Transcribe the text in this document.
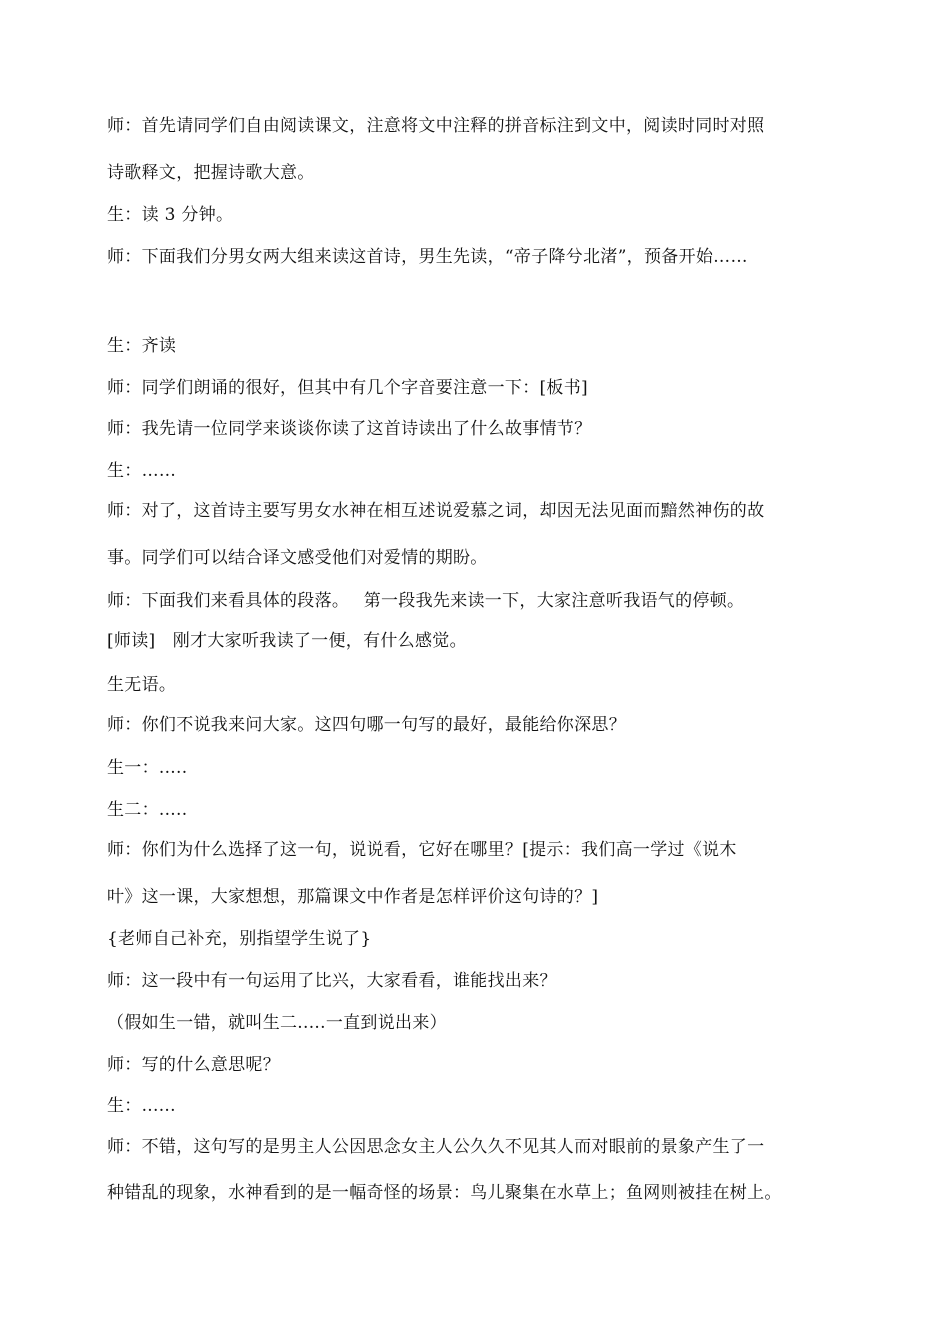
师：首先请同学们自由阅读课文，注意将文中注释的拼音标注到文中，阅读时同时对照
诗歌释文，把握诗歌大意。
生：读 3 分钟。
师：下面我们分男女两大组来读这首诗，男生先读，“帝子降兮北渚”，预备开始……
生：齐读
师：同学们朗诵的很好，但其中有几个字音要注意一下：[板书]
师：我先请一位同学来谈谈你读了这首诗读出了什么故事情节？
生：……
师：对了，这首诗主要写男女水神在相互述说爱慕之词，却因无法见面而黯然神伤的故
事。同学们可以结合译文感受他们对爱情的期盼。
师：下面我们来看具体的段落。　 第一段我先来读一下，大家注意听我语气的停顿。
[师读]　刚才大家听我读了一便，有什么感觉。
生无语。
师：你们不说我来问大家。这四句哪一句写的最好，最能给你深思？
生一：.....
生二：.....
师：你们为什么选择了这一句，说说看，它好在哪里？[提示：我们高一学过《说木
叶》这一课，大家想想，那篇课文中作者是怎样评价这句诗的？]
{老师自己补充，别指望学生说了}
师：这一段中有一句运用了比兴，大家看看，谁能找出来？
（假如生一错，就叫生二.....一直到说出来）
师：写的什么意思呢？
生：......
师：不错，这句写的是男主人公因思念女主人公久久不见其人而对眼前的景象产生了一
种错乱的现象，水神看到的是一幅奇怪的场景：鸟儿聚集在水草上；鱼网则被挂在树上。
